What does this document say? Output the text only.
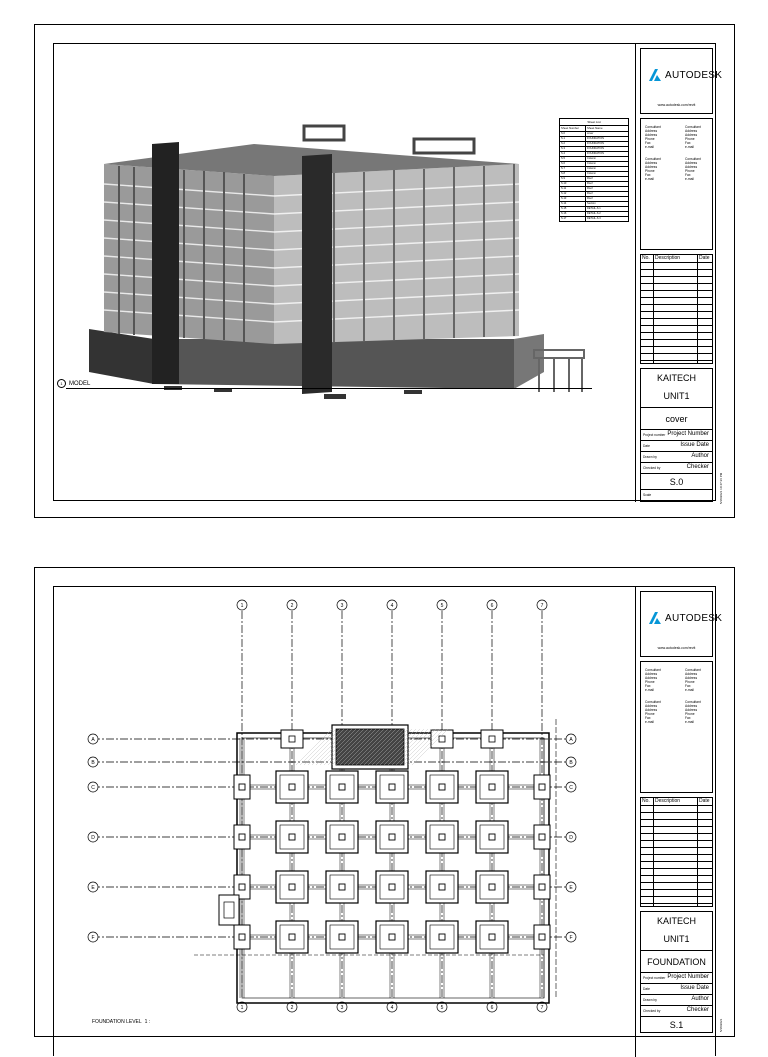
Sheet List
Sheet Number	Sheet Name
S.0	cover
S.1	FOUNDATION
S.2	FOUNDATION
S.3	FOUNDATION
S.4	FOUNDATION
S.5	Column
S.6	Column
S.7	Column
S.8	Column
S.9	Roof
S.10	Roof
S.11	Roof
S.12	Roof
S.13	Roof
S.14	Section
S.15	DETAIL-S.1
S.16	DETAIL-S.2
S.17	DETAIL-S.3
1	MODEL
AUTODESK
www.autodesk.com/revit
Consultant
Address
Address
Phone
Fax
e-mail
Consultant
Address
Address
Phone
Fax
e-mail
Consultant
Address
Address
Phone
Fax
e-mail
Consultant
Address
Address
Phone
Fax
e-mail
No. Description	Date
KAITECH
UNIT1
cover
Project number Project Number
Date	Issue Date
Drawn by	Author
Checked by	Checker
S.0
Scale	5/18/2021 10:47:36 PM
1
1
2
2
3
3
4
4
5
5
6
6
7
7
A	A
B	B
C	C
D	D
E	E
F	F
FOUNDATION LEVEL 1 :
AUTODESK
www.autodesk.com/revit
Consultant
Address
Address
Phone
Fax
e-mail
Consultant
Address
Address
Phone
Fax
e-mail
Consultant
Address
Address
Phone
Fax
e-mail
Consultant
Address
Address
Phone
Fax
e-mail
No. Description	Date
KAITECH
UNIT1
FOUNDATION
Project number Project Number
Date	Issue Date
Drawn by	Author
Checked by	Checker
S.1	5/18/2021
